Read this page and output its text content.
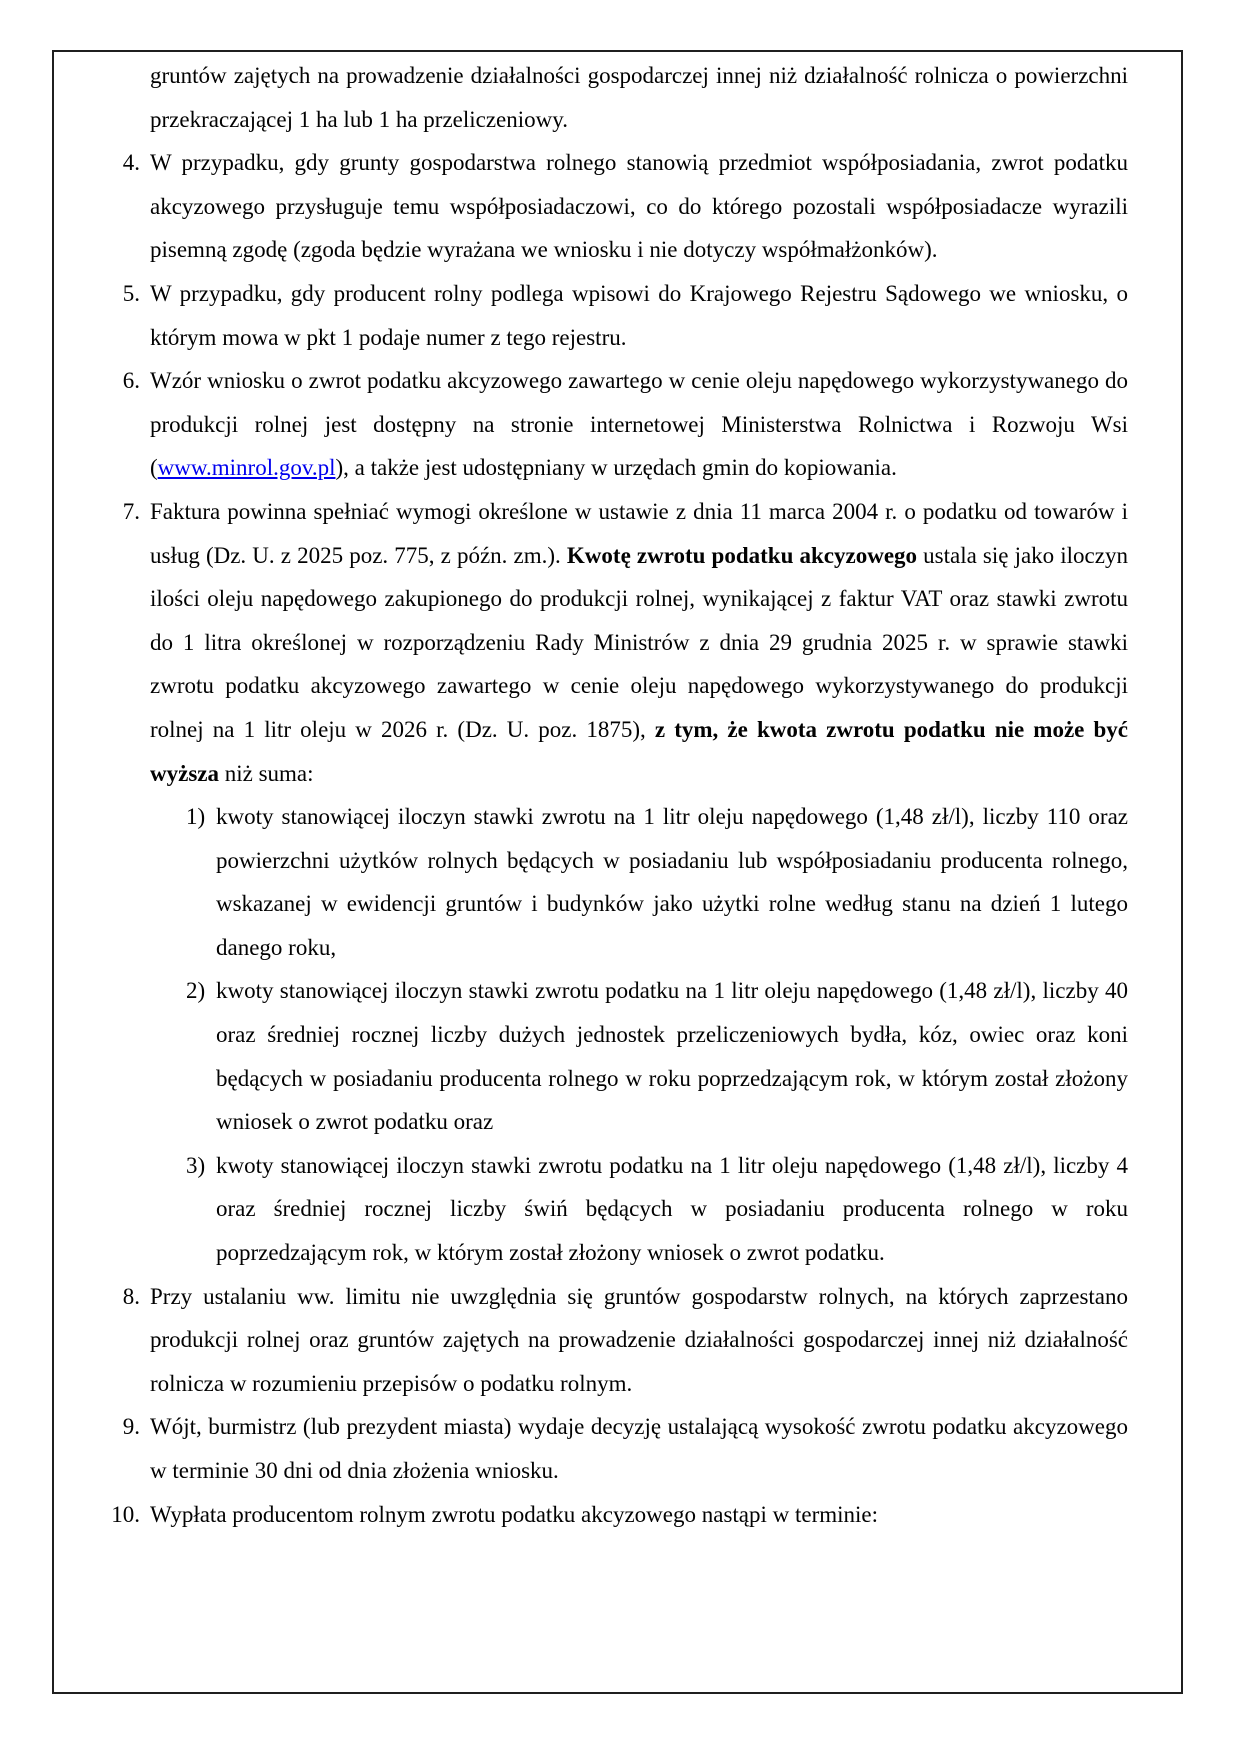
gruntów zajętych na prowadzenie działalności gospodarczej innej niż działalność rolnicza o powierzchni przekraczającej 1 ha lub 1 ha przeliczeniowy.

4. W przypadku, gdy grunty gospodarstwa rolnego stanowią przedmiot współposiadania, zwrot podatku akcyzowego przysługuje temu współposiadaczowi, co do którego pozostali współposiadacze wyrazili pisemną zgodę (zgoda będzie wyrażana we wniosku i nie dotyczy współmałżonków).
5. W przypadku, gdy producent rolny podlega wpisowi do Krajowego Rejestru Sądowego we wniosku, o którym mowa w pkt 1 podaje numer z tego rejestru.
6. Wzór wniosku o zwrot podatku akcyzowego zawartego w cenie oleju napędowego wykorzystywanego do produkcji rolnej jest dostępny na stronie internetowej Ministerstwa Rolnictwa i Rozwoju Wsi (www.minrol.gov.pl), a także jest udostępniany w urzędach gmin do kopiowania.
7. Faktura powinna spełniać wymogi określone w ustawie z dnia 11 marca 2004 r. o podatku od towarów i usług (Dz. U. z 2025 poz. 775, z późn. zm.). Kwotę zwrotu podatku akcyzowego ustala się jako iloczyn ilości oleju napędowego zakupionego do produkcji rolnej, wynikającej z faktur VAT oraz stawki zwrotu do 1 litra określonej w rozporządzeniu Rady Ministrów z dnia 29 grudnia 2025 r. w sprawie stawki zwrotu podatku akcyzowego zawartego w cenie oleju napędowego wykorzystywanego do produkcji rolnej na 1 litr oleju w 2026 r. (Dz. U. poz. 1875), z tym, że kwota zwrotu podatku nie może być wyższa niż suma:
1) kwoty stanowiącej iloczyn stawki zwrotu na 1 litr oleju napędowego (1,48 zł/l), liczby 110 oraz powierzchni użytków rolnych będących w posiadaniu lub współposiadaniu producenta rolnego, wskazanej w ewidencji gruntów i budynków jako użytki rolne według stanu na dzień 1 lutego danego roku,
2) kwoty stanowiącej iloczyn stawki zwrotu podatku na 1 litr oleju napędowego (1,48 zł/l), liczby 40 oraz średniej rocznej liczby dużych jednostek przeliczeniowych bydła, kóz, owiec oraz koni będących w posiadaniu producenta rolnego w roku poprzedzającym rok, w którym został złożony wniosek o zwrot podatku oraz
3) kwoty stanowiącej iloczyn stawki zwrotu podatku na 1 litr oleju napędowego (1,48 zł/l), liczby 4 oraz średniej rocznej liczby świń będących w posiadaniu producenta rolnego w roku poprzedzającym rok, w którym został złożony wniosek o zwrot podatku.
8. Przy ustalaniu ww. limitu nie uwzględnia się gruntów gospodarstw rolnych, na których zaprzestano produkcji rolnej oraz gruntów zajętych na prowadzenie działalności gospodarczej innej niż działalność rolnicza w rozumieniu przepisów o podatku rolnym.
9. Wójt, burmistrz (lub prezydent miasta) wydaje decyzję ustalającą wysokość zwrotu podatku akcyzowego w terminie 30 dni od dnia złożenia wniosku.
10. Wypłata producentom rolnym zwrotu podatku akcyzowego nastąpi w terminie:
